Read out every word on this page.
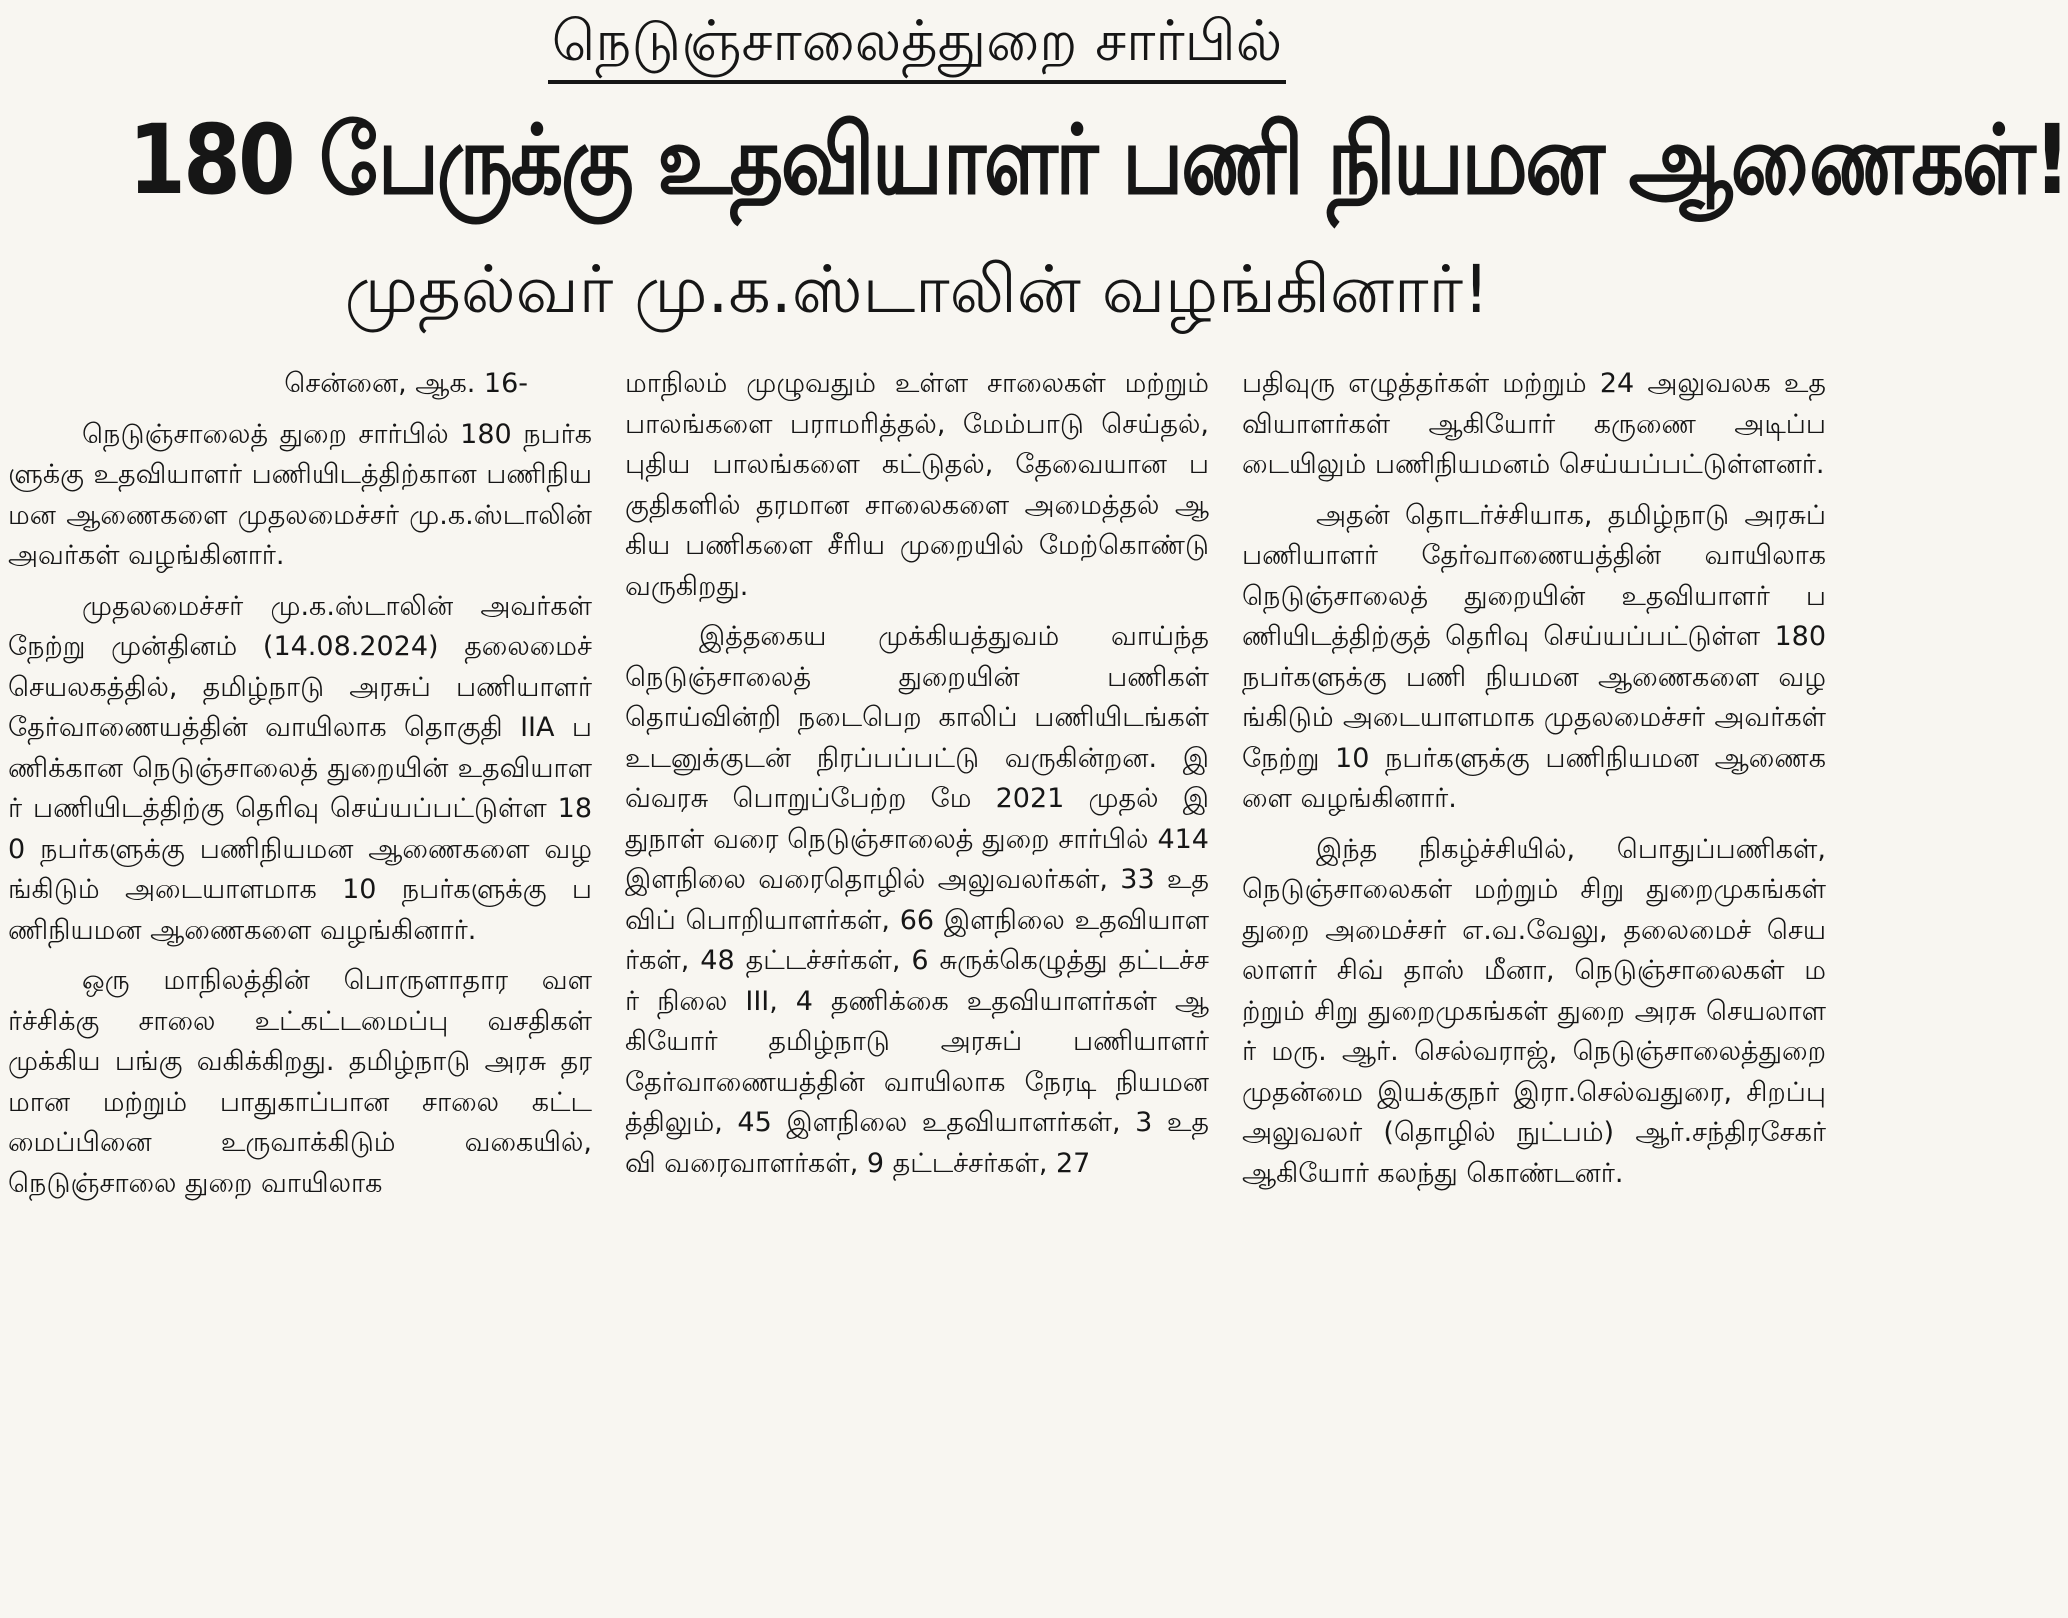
நெடுஞ்சாலைத்துறை சார்பில்
180 பேருக்கு உதவியாளர் பணி நியமன ஆணைகள்!
முதல்வர் மு.க.ஸ்டாலின் வழங்கினார்!

சென்னை, ஆக. 16-

நெடுஞ்சாலைத் துறை சார்பில் 180 நபர்களுக்கு உதவியாளர் பணியிடத்திற்கான பணிநியமன ஆணைகளை முதலமைச்சர் மு.க.ஸ்டாலின் அவர்கள் வழங்கினார்.

முதலமைச்சர் மு.க.ஸ்டாலின் அவர்கள் நேற்று முன்தினம் (14.08.2024) தலைமைச் செயலகத்தில், தமிழ்நாடு அரசுப் பணியாளர் தேர்வாணையத்தின் வாயிலாக தொகுதி IIA பணிக்கான நெடுஞ்சாலைத் துறையின் உதவியாளர் பணியிடத்திற்கு தெரிவு செய்யப்பட்டுள்ள 180 நபர்களுக்கு பணிநியமன ஆணைகளை வழங்கிடும் அடையாளமாக 10 நபர்களுக்கு பணிநியமன ஆணைகளை வழங்கினார்.

ஒரு மாநிலத்தின் பொருளாதார வளர்ச்சிக்கு சாலை உட்கட்டமைப்பு வசதிகள் முக்கிய பங்கு வகிக்கிறது. தமிழ்நாடு அரசு தரமான மற்றும் பாதுகாப்பான சாலை கட்டமைப்பினை உருவாக்கிடும் வகையில், நெடுஞ்சாலை துறை வாயிலாக

மாநிலம் முழுவதும் உள்ள சாலைகள் மற்றும் பாலங்களை பராமரித்தல், மேம்பாடு செய்தல், புதிய பாலங்களை கட்டுதல், தேவையான பகுதிகளில் தரமான சாலைகளை அமைத்தல் ஆகிய பணிகளை சீரிய முறையில் மேற்கொண்டு வருகிறது.

இத்தகைய முக்கியத்துவம் வாய்ந்த நெடுஞ்சாலைத் துறையின் பணிகள் தொய்வின்றி நடைபெற காலிப் பணியிடங்கள் உடனுக்குடன் நிரப்பப்பட்டு வருகின்றன. இவ்வரசு பொறுப்பேற்ற மே 2021 முதல் இதுநாள் வரை நெடுஞ்சாலைத் துறை சார்பில் 414 இளநிலை வரைதொழில் அலுவலர்கள், 33 உதவிப் பொறியாளர்கள், 66 இளநிலை உதவியாளர்கள், 48 தட்டச்சர்கள், 6 சுருக்கெழுத்து தட்டச்சர் நிலை III, 4 தணிக்கை உதவியாளர்கள் ஆகியோர் தமிழ்நாடு அரசுப் பணியாளர் தேர்வாணையத்தின் வாயிலாக நேரடி நியமனத்திலும், 45 இளநிலை உதவியாளர்கள், 3 உதவி வரைவாளர்கள், 9 தட்டச்சர்கள், 27

பதிவுரு எழுத்தர்கள் மற்றும் 24 அலுவலக உதவியாளர்கள் ஆகியோர் கருணை அடிப்படையிலும் பணிநியமனம் செய்யப்பட்டுள்ளனர்.

அதன் தொடர்ச்சியாக, தமிழ்நாடு அரசுப் பணியாளர் தேர்வாணையத்தின் வாயிலாக நெடுஞ்சாலைத் துறையின் உதவியாளர் பணியிடத்திற்குத் தெரிவு செய்யப்பட்டுள்ள 180 நபர்களுக்கு பணி நியமன ஆணைகளை வழங்கிடும் அடையாளமாக முதலமைச்சர் அவர்கள் நேற்று 10 நபர்களுக்கு பணிநியமன ஆணைகளை வழங்கினார்.

இந்த நிகழ்ச்சியில், பொதுப்பணிகள், நெடுஞ்சாலைகள் மற்றும் சிறு துறைமுகங்கள் துறை அமைச்சர் எ.வ.வேலு, தலைமைச் செயலாளர் சிவ் தாஸ் மீனா, நெடுஞ்சாலைகள் மற்றும் சிறு துறைமுகங்கள் துறை அரசு செயலாளர் மரு. ஆர். செல்வராஜ், நெடுஞ்சாலைத்துறை முதன்மை இயக்குநர் இரா.செல்வதுரை, சிறப்பு அலுவலர் (தொழில் நுட்பம்) ஆர்.சந்திரசேகர் ஆகியோர் கலந்து கொண்டனர்.
